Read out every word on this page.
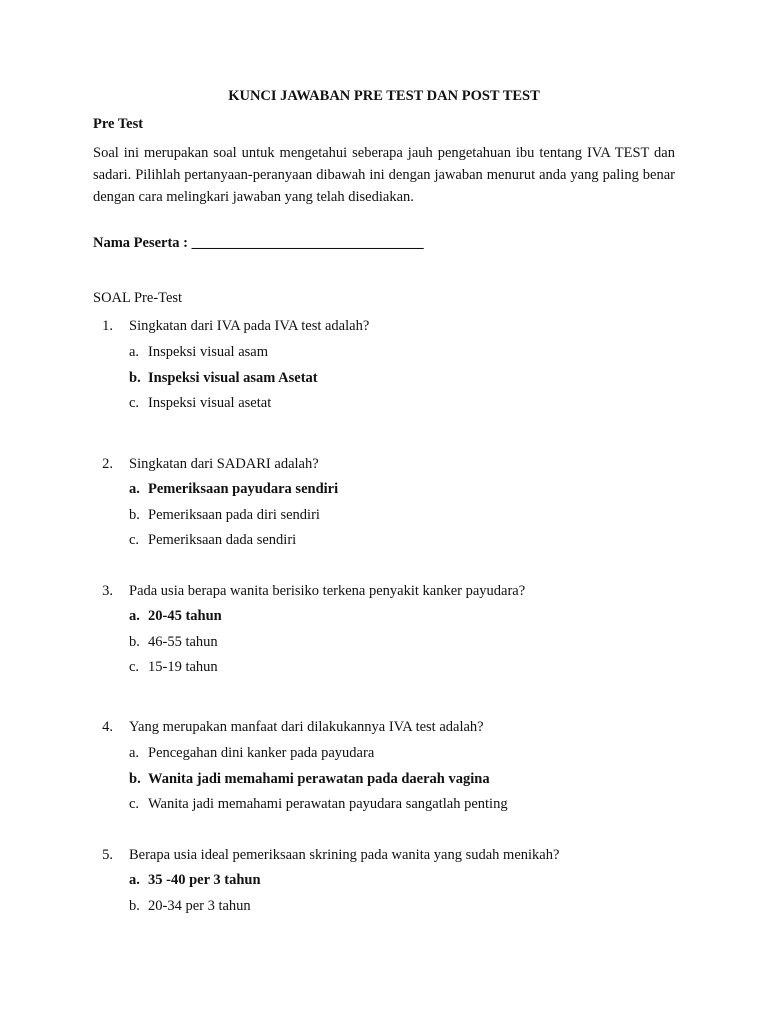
KUNCI JAWABAN PRE TEST DAN POST TEST
Pre Test
Soal ini merupakan soal untuk mengetahui seberapa jauh pengetahuan ibu tentang IVA TEST dan sadari. Pilihlah pertanyaan-peranyaan dibawah ini dengan jawaban menurut anda yang paling benar dengan cara melingkari jawaban yang telah disediakan.
Nama Peserta : ________________________________
SOAL Pre-Test
1. Singkatan dari IVA pada IVA test adalah?
a. Inspeksi visual asam
b. Inspeksi visual asam Asetat
c. Inspeksi visual asetat
2. Singkatan dari SADARI adalah?
a. Pemeriksaan payudara sendiri
b. Pemeriksaan pada diri sendiri
c. Pemeriksaan dada sendiri
3. Pada usia berapa wanita berisiko terkena penyakit kanker payudara?
a. 20-45 tahun
b. 46-55 tahun
c. 15-19 tahun
4. Yang merupakan manfaat dari dilakukannya IVA test adalah?
a. Pencegahan dini kanker pada payudara
b. Wanita jadi memahami perawatan pada daerah vagina
c. Wanita jadi memahami perawatan payudara sangatlah penting
5. Berapa usia ideal pemeriksaan skrining pada wanita yang sudah menikah?
a. 35 -40 per 3 tahun
b. 20-34 per 3 tahun
